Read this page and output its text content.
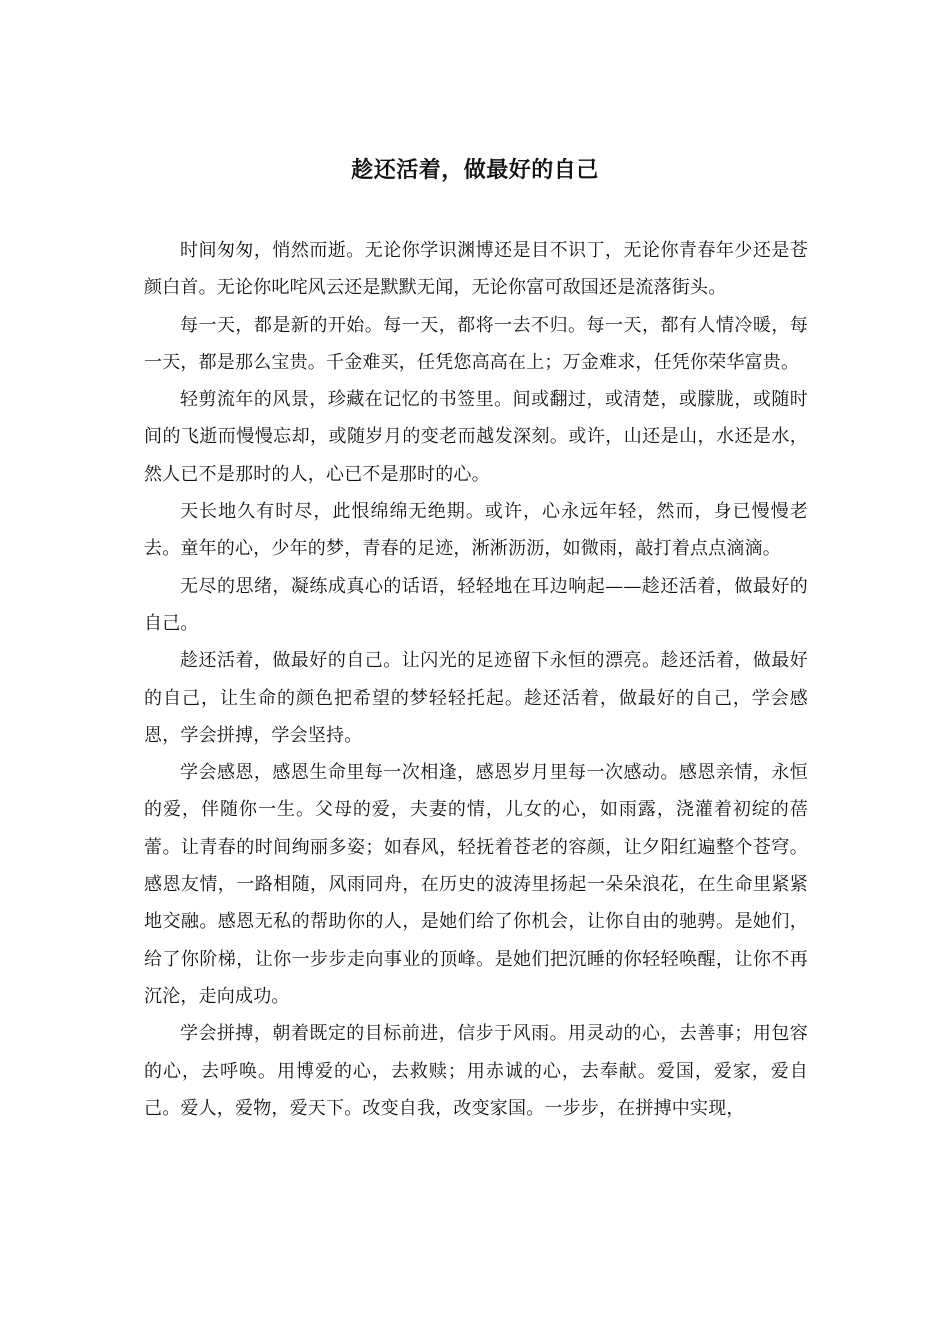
趁还活着，做最好的自己

时间匆匆，悄然而逝。无论你学识渊博还是目不识丁，无论你青春年少还是苍颜白首。无论你叱咤风云还是默默无闻，无论你富可敌国还是流落街头。

每一天，都是新的开始。每一天，都将一去不归。每一天，都有人情冷暖，每一天，都是那么宝贵。千金难买，任凭您高高在上；万金难求，任凭你荣华富贵。

轻剪流年的风景，珍藏在记忆的书签里。间或翻过，或清楚，或朦胧，或随时间的飞逝而慢慢忘却，或随岁月的变老而越发深刻。或许，山还是山，水还是水，然人已不是那时的人，心已不是那时的心。

天长地久有时尽，此恨绵绵无绝期。或许，心永远年轻，然而，身已慢慢老去。童年的心，少年的梦，青春的足迹，淅淅沥沥，如微雨，敲打着点点滴滴。

无尽的思绪，凝练成真心的话语，轻轻地在耳边响起——趁还活着，做最好的自己。

趁还活着，做最好的自己。让闪光的足迹留下永恒的漂亮。趁还活着，做最好的自己，让生命的颜色把希望的梦轻轻托起。趁还活着，做最好的自己，学会感恩，学会拼搏，学会坚持。

学会感恩，感恩生命里每一次相逢，感恩岁月里每一次感动。感恩亲情，永恒的爱，伴随你一生。父母的爱，夫妻的情，儿女的心，如雨露，浇灌着初绽的蓓蕾。让青春的时间绚丽多姿；如春风，轻抚着苍老的容颜，让夕阳红遍整个苍穹。感恩友情，一路相随，风雨同舟，在历史的波涛里扬起一朵朵浪花，在生命里紧紧地交融。感恩无私的帮助你的人，是她们给了你机会，让你自由的驰骋。是她们，给了你阶梯，让你一步步走向事业的顶峰。是她们把沉睡的你轻轻唤醒，让你不再沉沦，走向成功。

学会拼搏，朝着既定的目标前进，信步于风雨。用灵动的心，去善事；用包容的心，去呼唤。用博爱的心，去救赎；用赤诚的心，去奉献。爱国，爱家，爱自己。爱人，爱物，爱天下。改变自我，改变家国。一步步，在拼搏中实现，
